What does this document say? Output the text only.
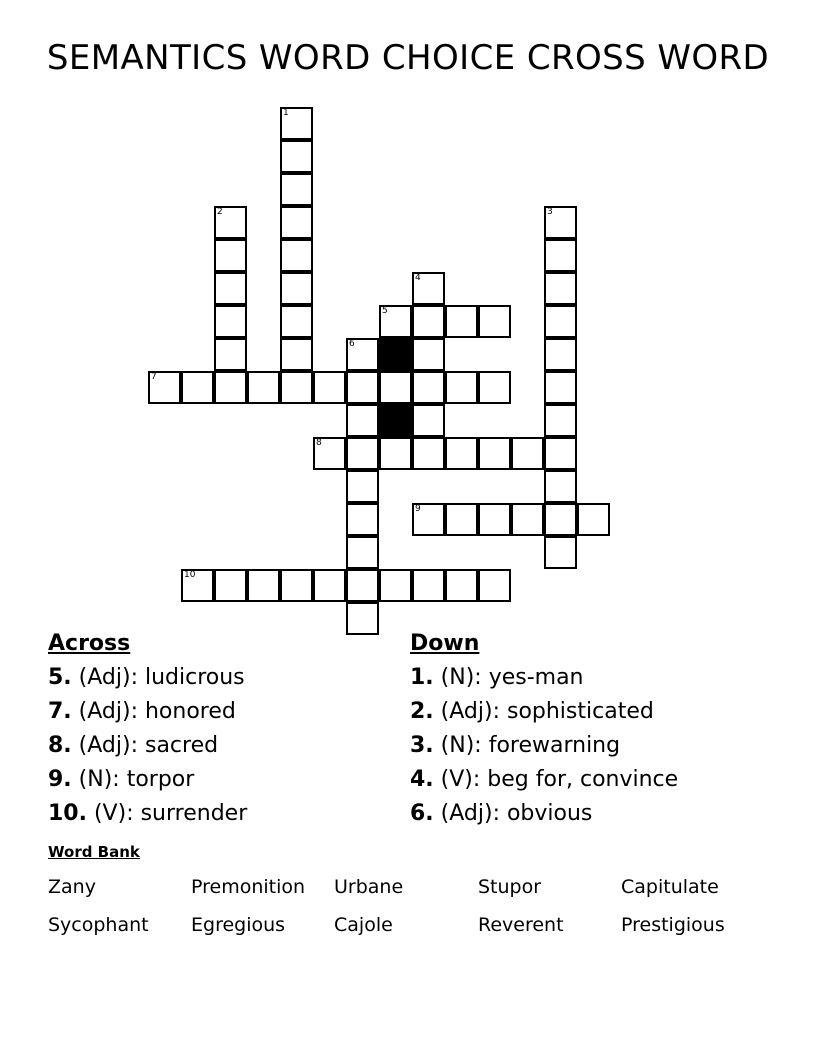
SEMANTICS WORD CHOICE CROSS WORD
1
2	3
4
5
6
7
8
9
10
Across
5. (Adj): ludicrous
7. (Adj): honored
8. (Adj): sacred
9. (N): torpor
10. (V): surrender
Down
1. (N): yes-man
2. (Adj): sophisticated
3. (N): forewarning
4. (V): beg for, convince
6. (Adj): obvious
Word Bank
Zany	Premonition Urbane	Stupor	Capitulate
Sycophant Egregious	Cajole	Reverent	Prestigious
